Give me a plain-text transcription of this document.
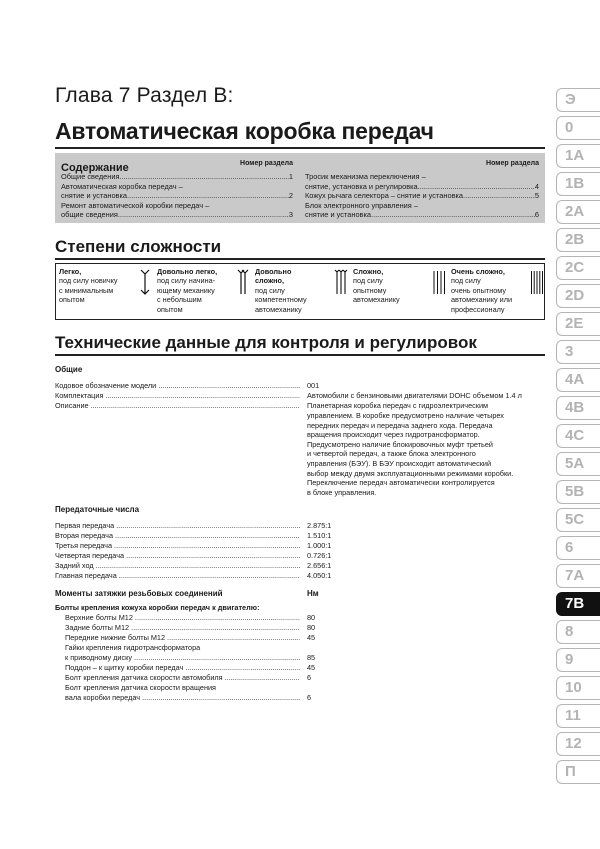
Глава 7 Раздел B:
Автоматическая коробка передач
Содержание	Номер раздела
Общие сведения .....	1
Автоматическая коробка передач –
снятие и установка .....	2
Ремонт автоматической коробки передач –
общие сведения .....	3
Номер раздела
Тросик механизма переключения –
снятие, установка и регулировка .....	4
Кожух рычага селектора – снятие и установка .....	5
Блок электронного управления –
снятие и установка .....	6
Степени сложности
Легко,
под силу новичку
с минимальным
опытом
Довольно легко,
под силу начина-
ющему механику
с небольшим
опытом
Довольно
сложно,
под силу
компетентному
автомеханику
Сложно,
под силу
опытному
автомеханику
Очень сложно,
под силу
очень опытному
автомеханику или
профессионалу
Технические данные для контроля и регулировок
Общие
Кодовое обозначение модели .....	001
Комплектация .....	Автомобили с бензиновыми двигателями DOHC объемом 1.4 л
Описание .....	Планетарная коробка передач с гидроэлектрическим
управлением. В коробке предусмотрено наличие четырех
передних передач и передача заднего хода. Передача
вращения происходит через гидротрансформатор.
Предусмотрено наличие блокировочных муфт третьей
и четвертой передач, а также блока электронного
управления (БЭУ). В БЭУ происходит автоматический
выбор между двумя эксплуатационными режимами коробки.
Переключение передач автоматически контролируется
в блоке управления.
Передаточные числа
Первая передача .....	2.875:1
Вторая передача .....	1.510:1
Третья передача .....	1.000:1
Четвертая передача .....	0.726:1
Задний ход .....	2.656:1
Главная передача .....	4.050:1
Моменты затяжки резьбовых соединений	Нм
Болты крепления кожуха коробки передач к двигателю:
Верхние болты M12 .....	80
Задние болты M12 .....	80
Передние нижние болты M12 .....	45
Гайки крепления гидротрансформатора
к приводному диску .....	85
Поддон – к щитку коробки передач .....	45
Болт крепления датчика скорости автомобиля .....	6
Болт крепления датчика скорости вращения
вала коробки передач .....	6
Э
0
1A
1B
2A
2B
2C
2D
2E
3
4A
4B
4C
5A
5B
5C
6
7A
7B
8
9
10
11
12
П
